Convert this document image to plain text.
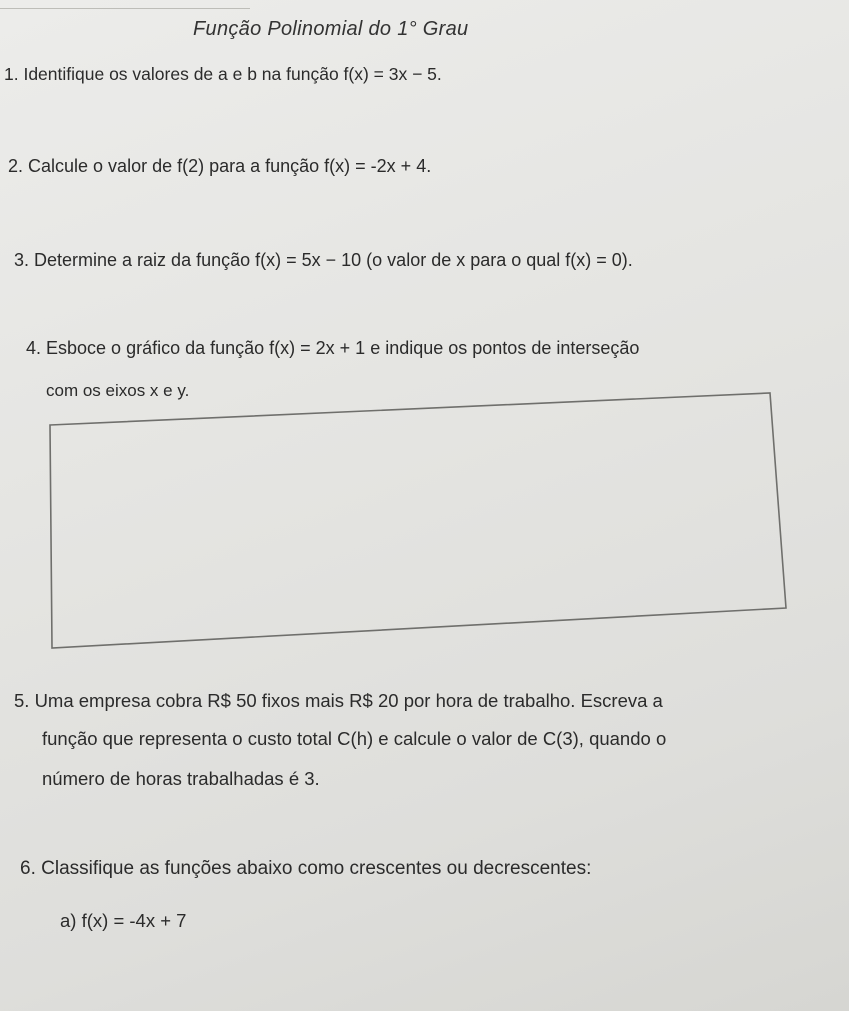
Função Polinomial do 1° Grau
1. Identifique os valores de a e b na função f(x) = 3x − 5.
2. Calcule o valor de f(2) para a função f(x) = -2x + 4.
3. Determine a raiz da função f(x) = 5x − 10 (o valor de x para o qual f(x) = 0).
4. Esboce o gráfico da função f(x) = 2x + 1 e indique os pontos de interseção
com os eixos x e y.
5. Uma empresa cobra R$ 50 fixos mais R$ 20 por hora de trabalho. Escreva a
função que representa o custo total C(h) e calcule o valor de C(3), quando o
número de horas trabalhadas é 3.
6. Classifique as funções abaixo como crescentes ou decrescentes:
a) f(x) = -4x + 7
